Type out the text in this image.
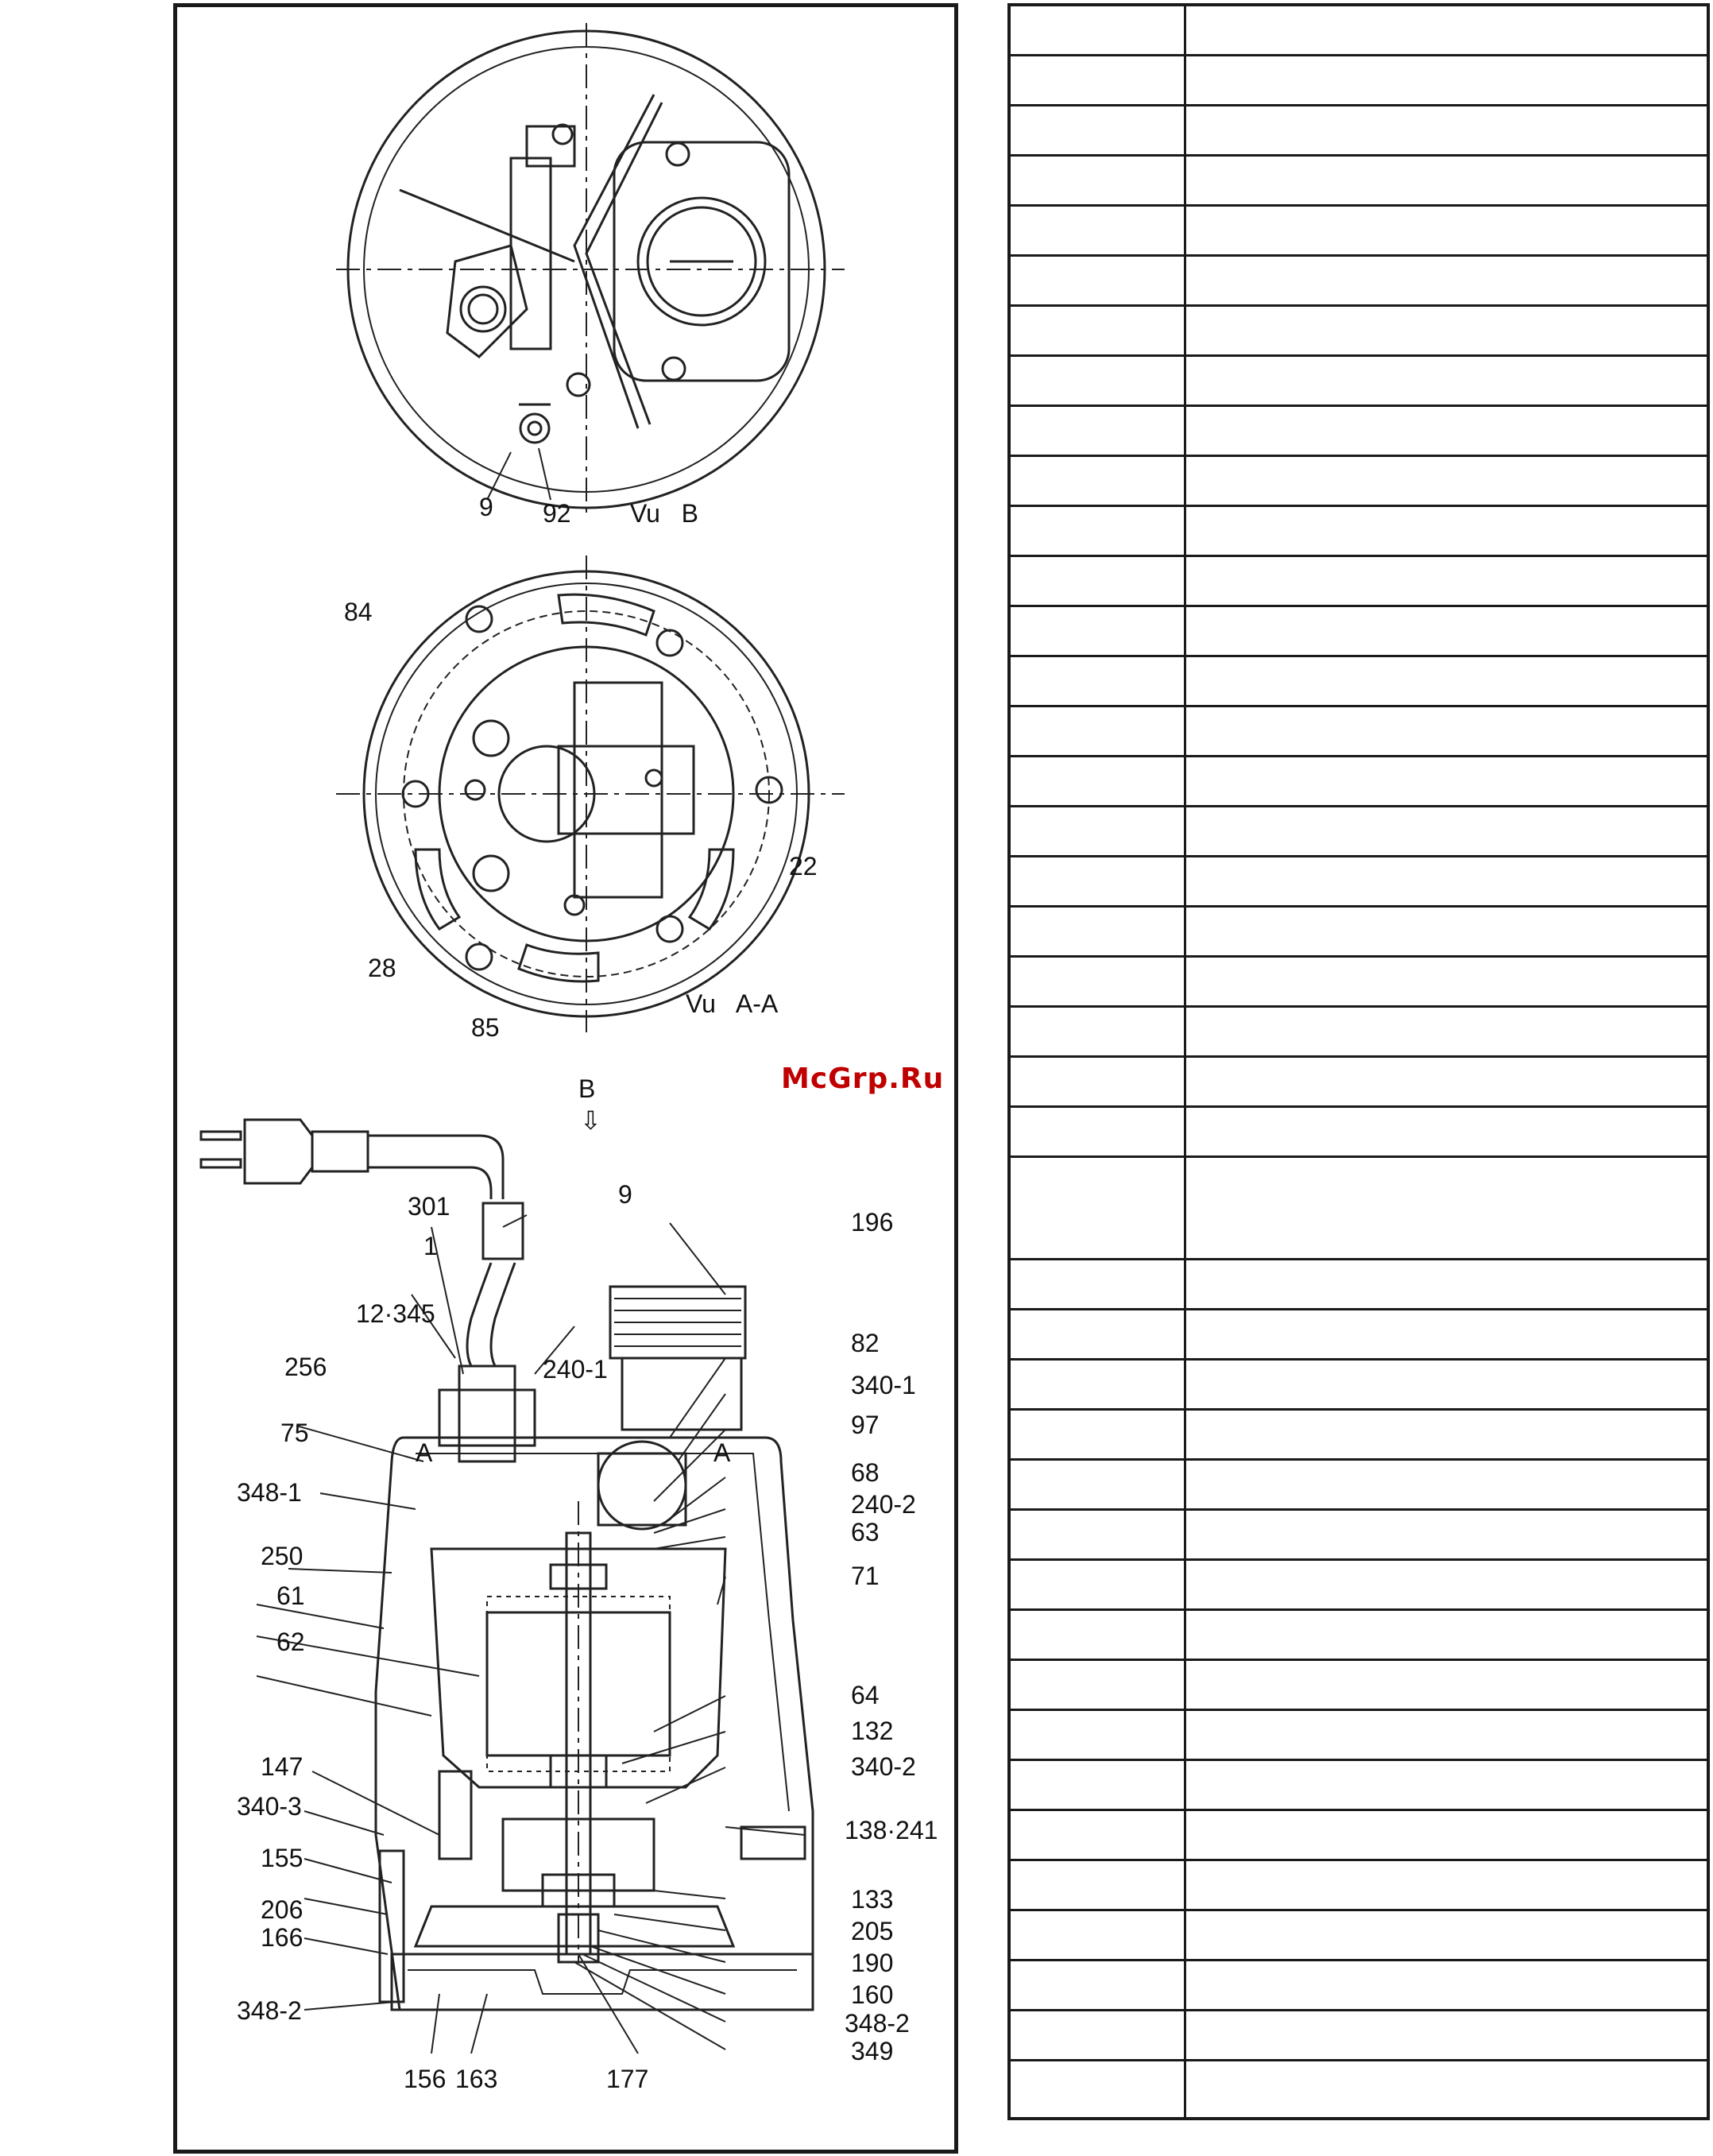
9 92 Vu   B
84
22
28
85
Vu   A-A
McGrp.Ru
B
⇩
A	A
301
1
12·345
256
75
348-1
250
61
62
147
340-3
155
206
166
348-2
156 163
9
196
240-1
82
340-1
97
68
240-2
63
71
64
132
340-2
138·241
133
205
190
160
348-2
349
177
